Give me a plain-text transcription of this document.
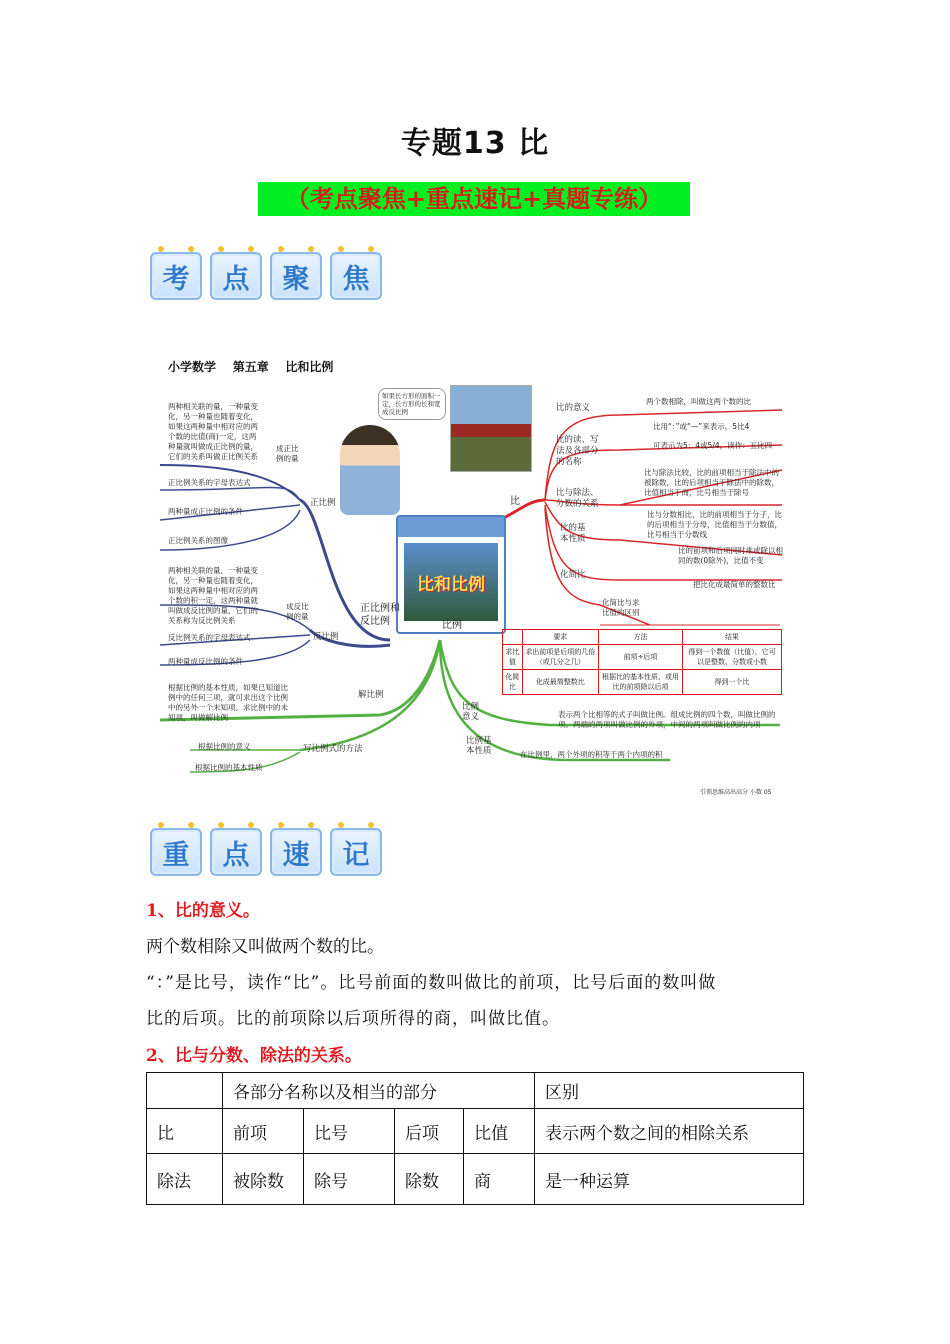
专题13 比
（考点聚焦+重点速记+真题专练）
考	点	聚	焦
小学数学    第五章    比和比例
如果长方形的面积一定，长方形的长和宽成反比例
比和比例
正比例和
反比例	比例
比
两种相关联的量，一种量变化，另一种量也随着变化，如果这两种量中相对应的两个数的比值(商)一定，这两种量就叫做成正比例的量，它们的关系叫做正比例关系
成正比
例的量
正比例
正比例关系的字母表达式
两种量成正比例的条件
正比例关系的图像
两种相关联的量，一种量变化，另一种量也随着变化，如果这两种量中相对应的两个数的积一定，这两种量就叫做成反比例的量，它们的关系称为反比例关系
成反比
例的量
反比例
反比例关系的字母表达式
两种量成反比例的条件
根据比例的基本性质，如果已知道比例中的任何三项，就可求出这个比例中的另外一个未知项。求比例中的未知项，叫做解比例
解比例
写比例式的方法
根据比例的意义
根据比例的基本性质
比例
意义	表示两个比相等的式子叫做比例。组成比例的四个数，叫做比例的项。两端的两项叫做比例的外项，中间的两项叫做比例的内项
比例基
本性质	在比例里，两个外项的积等于两个内项的积
比的意义
两个数相除，叫做这两个数的比
比的读、写
法及各部分
的名称
比用“：”或“—”来表示，5比4
可表示为5：4或5/4，读作：五比四
比与除法、
分数的关系
比与除法比较，比的前项相当于除法中的被除数，比的后项相当于除法中的除数，比值相当于商，比号相当于除号
比与分数相比，比的前项相当于分子，比的后项相当于分母，比值相当于分数值，比号相当于分数线
比的基
本性质
比的前项和后项同时乘或除以相同的数(0除外)，比值不变
化简比
把比化成最简单的整数比
化简比与求
比值的区别
	要求	方法	结果
求比值	求出前项是后项的几倍（或几分之几）	前项÷后项	得到一个数值（比值），它可以是整数、分数或小数
化简比	化成最简整数比	根据比的基本性质，或用比的前项除以后项	得到一个比
引领思维高出高分 小数 05
重	点	速	记
1、比的意义。
两个数相除又叫做两个数的比。
“：”是比号，读作“比”。比号前面的数叫做比的前项，比号后面的数叫做
比的后项。比的前项除以后项所得的商，叫做比值。
2、比与分数、除法的关系。
	各部分名称以及相当的部分				区别
比	前项	比号	后项	比值	表示两个数之间的相除关系
除法	被除数	除号	除数	商	是一种运算
